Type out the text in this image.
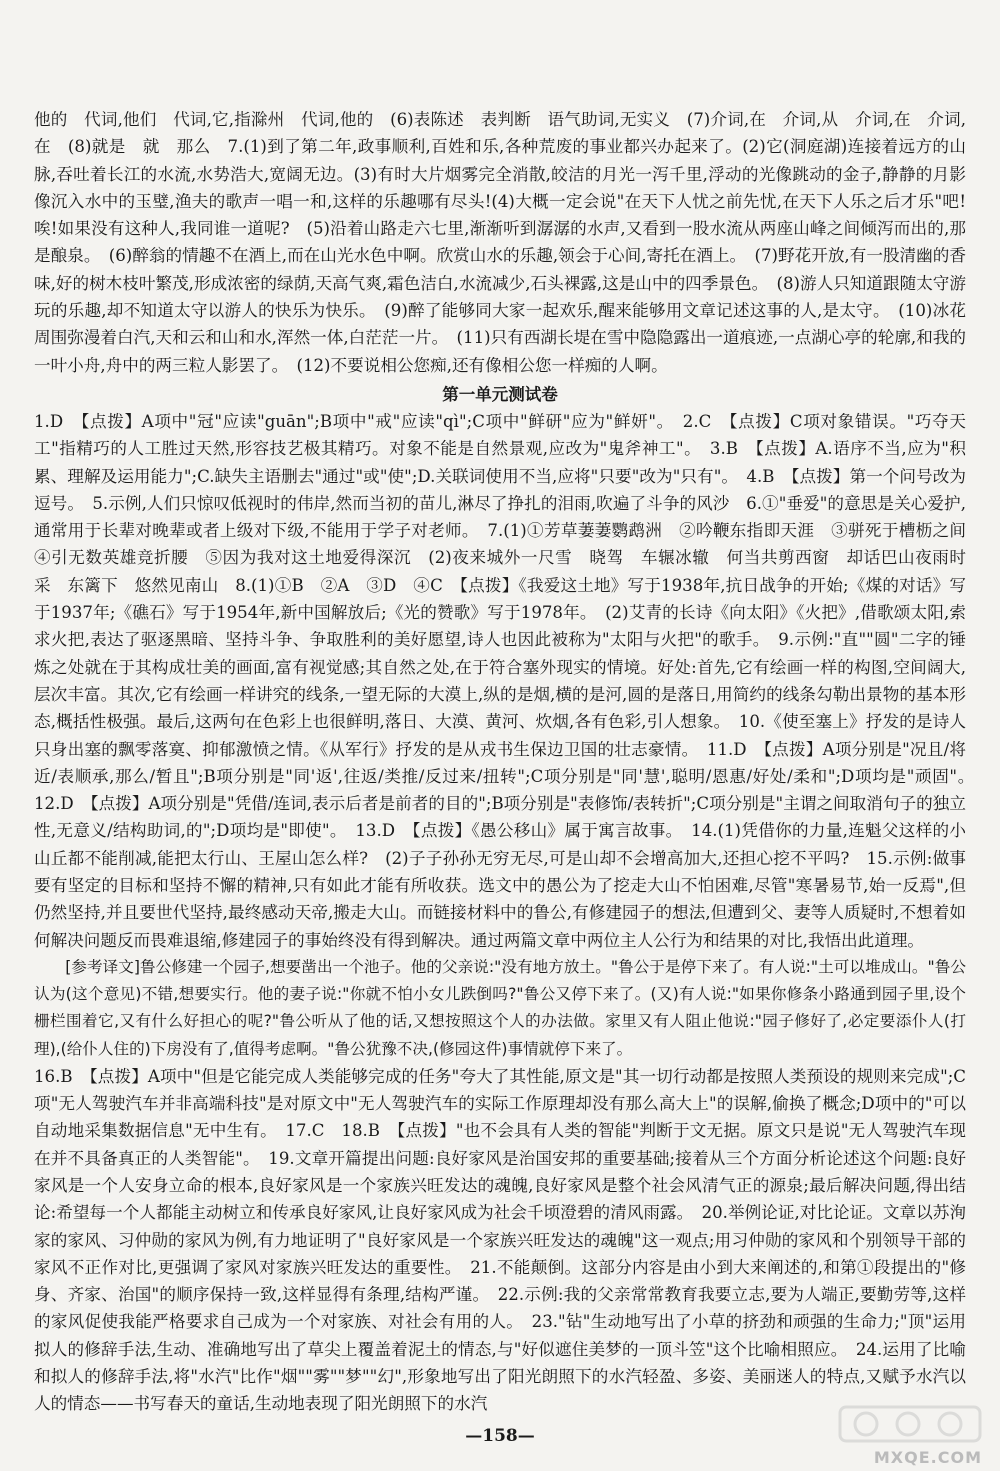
他的　代词,他们　代词,它,指滁州　代词,他的　(6)表陈述　表判断　语气助词,无实义　(7)介词,在　介词,从　介词,在　介词,在　(8)就是　就　那么　7.(1)到了第二年,政事顺利,百姓和乐,各种荒废的事业都兴办起来了。(2)它(洞庭湖)连接着远方的山脉,吞吐着长江的水流,水势浩大,宽阔无边。(3)有时大片烟雾完全消散,皎洁的月光一泻千里,浮动的光像跳动的金子,静静的月影像沉入水中的玉璧,渔夫的歌声一唱一和,这样的乐趣哪有尽头!(4)大概一定会说"在天下人忧之前先忧,在天下人乐之后才乐"吧!唉!如果没有这种人,我同谁一道呢?　(5)沿着山路走六七里,渐渐听到潺潺的水声,又看到一股水流从两座山峰之间倾泻而出的,那是酿泉。　(6)醉翁的情趣不在酒上,而在山光水色中啊。欣赏山水的乐趣,领会于心间,寄托在酒上。　(7)野花开放,有一股清幽的香味,好的树木枝叶繁茂,形成浓密的绿荫,天高气爽,霜色洁白,水流减少,石头裸露,这是山中的四季景色。　(8)游人只知道跟随太守游玩的乐趣,却不知道太守以游人的快乐为快乐。　(9)醉了能够同大家一起欢乐,醒来能够用文章记述这事的人,是太守。　(10)冰花周围弥漫着白汽,天和云和山和水,浑然一体,白茫茫一片。　(11)只有西湖长堤在雪中隐隐露出一道痕迹,一点湖心亭的轮廓,和我的一叶小舟,舟中的两三粒人影罢了。　(12)不要说相公您痴,还有像相公您一样痴的人啊。

第一单元测试卷

1.D　【点拨】A项中"冠"应读"guān";B项中"戒"应读"qì";C项中"鲜研"应为"鲜妍"。　2.C　【点拨】C项对象错误。"巧夺天工"指精巧的人工胜过天然,形容技艺极其精巧。对象不能是自然景观,应改为"鬼斧神工"。　3.B　【点拨】A.语序不当,应为"积累、理解及运用能力";C.缺失主语删去"通过"或"使";D.关联词使用不当,应将"只要"改为"只有"。　4.B　【点拨】第一个问号改为逗号。　5.示例,人们只惊叹低视时的伟岸,然而当初的苗儿,淋尽了挣扎的泪雨,吹遍了斗争的风沙　6.①"垂爱"的意思是关心爱护,通常用于长辈对晚辈或者上级对下级,不能用于学子对老师。　7.(1)①芳草萋萋鹦鹉洲　②吟鞭东指即天涯　③骈死于槽枥之间　④引无数英雄竞折腰　⑤因为我对这土地爱得深沉　(2)夜来城外一尺雪　晓驾　车辗冰辙　何当共剪西窗　却话巴山夜雨时　采　东篱下　悠然见南山　8.(1)①B　②A　③D　④C　【点拨】《我爱这土地》写于1938年,抗日战争的开始;《煤的对话》写于1937年;《礁石》写于1954年,新中国解放后;《光的赞歌》写于1978年。　(2)艾青的长诗《向太阳》《火把》,借歌颂太阳,索求火把,表达了驱逐黑暗、坚持斗争、争取胜利的美好愿望,诗人也因此被称为"太阳与火把"的歌手。　9.示例:"直""圆"二字的锤炼之处就在于其构成壮美的画面,富有视觉感;其自然之处,在于符合塞外现实的情境。好处:首先,它有绘画一样的构图,空间阔大,层次丰富。其次,它有绘画一样讲究的线条,一望无际的大漠上,纵的是烟,横的是河,圆的是落日,用简约的线条勾勒出景物的基本形态,概括性极强。最后,这两句在色彩上也很鲜明,落日、大漠、黄河、炊烟,各有色彩,引人想象。　10.《使至塞上》抒发的是诗人只身出塞的飘零落寞、抑郁激愤之情。《从军行》抒发的是从戎书生保边卫国的壮志豪情。　11.D　【点拨】A项分别是"况且/将近/表顺承,那么/暂且";B项分别是"同'返',往返/类推/反过来/扭转";C项分别是"同'慧',聪明/恩惠/好处/柔和";D项均是"顽固"。　12.D　【点拨】A项分别是"凭借/连词,表示后者是前者的目的";B项分别是"表修饰/表转折";C项分别是"主谓之间取消句子的独立性,无意义/结构助词,的";D项均是"即使"。　13.D　【点拨】《愚公移山》属于寓言故事。　14.(1)凭借你的力量,连魁父这样的小山丘都不能削减,能把太行山、王屋山怎么样?　(2)子子孙孙无穷无尽,可是山却不会增高加大,还担心挖不平吗?　15.示例:做事要有坚定的目标和坚持不懈的精神,只有如此才能有所收获。选文中的愚公为了挖走大山不怕困难,尽管"寒暑易节,始一反焉",但仍然坚持,并且要世代坚持,最终感动天帝,搬走大山。而链接材料中的鲁公,有修建园子的想法,但遭到父、妻等人质疑时,不想着如何解决问题反而畏难退缩,修建园子的事始终没有得到解决。通过两篇文章中两位主人公行为和结果的对比,我悟出此道理。

[参考译文]鲁公修建一个园子,想要凿出一个池子。他的父亲说:"没有地方放土。"鲁公于是停下来了。有人说:"土可以堆成山。"鲁公认为(这个意见)不错,想要实行。他的妻子说:"你就不怕小女儿跌倒吗?"鲁公又停下来了。(又)有人说:"如果你修条小路通到园子里,设个栅栏围着它,又有什么好担心的呢?"鲁公听从了他的话,又想按照这个人的办法做。家里又有人阻止他说:"园子修好了,必定要添仆人(打理),(给仆人住的)下房没有了,值得考虑啊。"鲁公犹豫不决,(修园这件)事情就停下来了。

16.B　【点拨】A项中"但是它能完成人类能够完成的任务"夸大了其性能,原文是"其一切行动都是按照人类预设的规则来完成";C项"无人驾驶汽车并非高端科技"是对原文中"无人驾驶汽车的实际工作原理却没有那么高大上"的误解,偷换了概念;D项中的"可以自动地采集数据信息"无中生有。　17.C　18.B　【点拨】"也不会具有人类的智能"判断于文无据。原文只是说"无人驾驶汽车现在并不具备真正的人类智能"。　19.文章开篇提出问题:良好家风是治国安邦的重要基础;接着从三个方面分析论述这个问题:良好家风是一个人安身立命的根本,良好家风是一个家族兴旺发达的魂魄,良好家风是整个社会风清气正的源泉;最后解决问题,得出结论:希望每一个人都能主动树立和传承良好家风,让良好家风成为社会千顷澄碧的清风雨露。　20.举例论证,对比论证。文章以苏洵家的家风、习仲勋的家风为例,有力地证明了"良好家风是一个家族兴旺发达的魂魄"这一观点;用习仲勋的家风和个别领导干部的家风不正作对比,更强调了家风对家族兴旺发达的重要性。　21.不能颠倒。这部分内容是由小到大来阐述的,和第①段提出的"修身、齐家、治国"的顺序保持一致,这样显得有条理,结构严谨。　22.示例:我的父亲常常教育我要立志,要为人端正,要勤劳等,这样的家风促使我能严格要求自己成为一个对家族、对社会有用的人。　23."钻"生动地写出了小草的挤劲和顽强的生命力;"顶"运用拟人的修辞手法,生动、准确地写出了草尖上覆盖着泥土的情态,与"好似遮住美梦的一顶斗笠"这个比喻相照应。　24.运用了比喻和拟人的修辞手法,将"水汽"比作"烟""雾""梦""幻",形象地写出了阳光朗照下的水汽轻盈、多姿、美丽迷人的特点,又赋予水汽以人的情态——书写春天的童话,生动地表现了阳光朗照下的水汽

—158—
MXQE.COM
